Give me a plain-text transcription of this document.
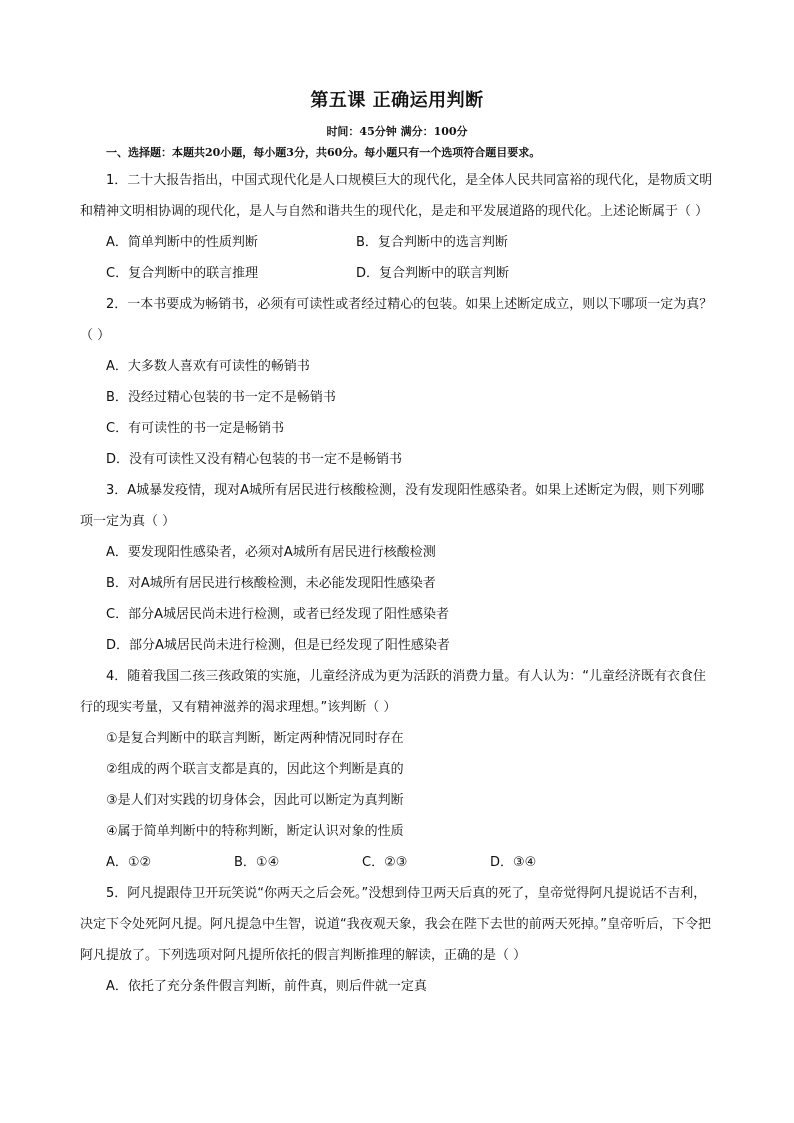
第五课 正确运用判断
时间：45分钟 满分：100分
一、选择题：本题共20小题，每小题3分，共60分。每小题只有一个选项符合题目要求。

1．二十大报告指出，中国式现代化是人口规模巨大的现代化，是全体人民共同富裕的现代化，是物质文明和精神文明相协调的现代化，是人与自然和谐共生的现代化，是走和平发展道路的现代化。上述论断属于（ ）

A．简单判断中的性质判断	B．复合判断中的选言判断
C．复合判断中的联言推理	D．复合判断中的联言判断

2．一本书要成为畅销书，必须有可读性或者经过精心的包装。如果上述断定成立，则以下哪项一定为真？（ ）

A．大多数人喜欢有可读性的畅销书
B．没经过精心包装的书一定不是畅销书
C．有可读性的书一定是畅销书
D．没有可读性又没有精心包装的书一定不是畅销书

3．A城暴发疫情，现对A城所有居民进行核酸检测，没有发现阳性感染者。如果上述断定为假，则下列哪项一定为真（ ）

A．要发现阳性感染者，必须对A城所有居民进行核酸检测
B．对A城所有居民进行核酸检测，未必能发现阳性感染者
C．部分A城居民尚未进行检测，或者已经发现了阳性感染者
D．部分A城居民尚未进行检测，但是已经发现了阳性感染者

4．随着我国二孩三孩政策的实施，儿童经济成为更为活跃的消费力量。有人认为：“儿童经济既有衣食住行的现实考量，又有精神滋养的渴求理想。”该判断（ ）

①是复合判断中的联言判断，断定两种情况同时存在
②组成的两个联言支都是真的，因此这个判断是真的
③是人们对实践的切身体会，因此可以断定为真判断
④属于简单判断中的特称判断，断定认识对象的性质
A．①②	B．①④	C．②③	D．③④

5．阿凡提跟侍卫开玩笑说“你两天之后会死。”没想到侍卫两天后真的死了，皇帝觉得阿凡提说话不吉利，决定下令处死阿凡提。阿凡提急中生智，说道“我夜观天象，我会在陛下去世的前两天死掉。”皇帝听后，下令把阿凡提放了。下列选项对阿凡提所依托的假言判断推理的解读，正确的是（ ）

A．依托了充分条件假言判断，前件真，则后件就一定真
